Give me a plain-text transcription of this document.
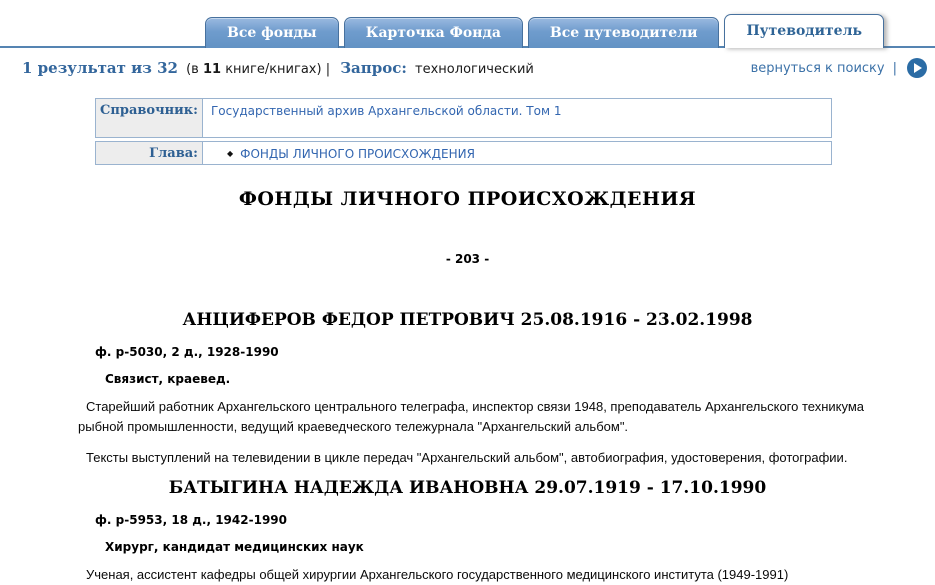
Все фонды	Карточка Фонда	Все путеводители	Путеводитель
1 результат из 32 (в 11 книге/книгах) | Запрос: технологический	вернуться к поиску |
Справочник:	Государственный архив Архангельской области. Том 1
Глава:	◆ ФОНДЫ ЛИЧНОГО ПРОИСХОЖДЕНИЯ
ФОНДЫ ЛИЧНОГО ПРОИСХОЖДЕНИЯ
- 203 -
АНЦИФЕРОВ ФЕДОР ПЕТРОВИЧ 25.08.1916 - 23.02.1998
ф. р-5030, 2 д., 1928-1990
Связист, краевед.
Старейший работник Архангельского центрального телеграфа, инспектор связи 1948, преподаватель Архангельского техникума рыбной промышленности, ведущий краеведческого тележурнала "Архангельский альбом".
Тексты выступлений на телевидении в цикле передач "Архангельский альбом", автобиография, удостоверения, фотографии.
БАТЫГИНА НАДЕЖДА ИВАНОВНА 29.07.1919 - 17.10.1990
ф. р-5953, 18 д., 1942-1990
Хирург, кандидат медицинских наук
Ученая, ассистент кафедры общей хирургии Архангельского государственного медицинского института (1949-1991)
